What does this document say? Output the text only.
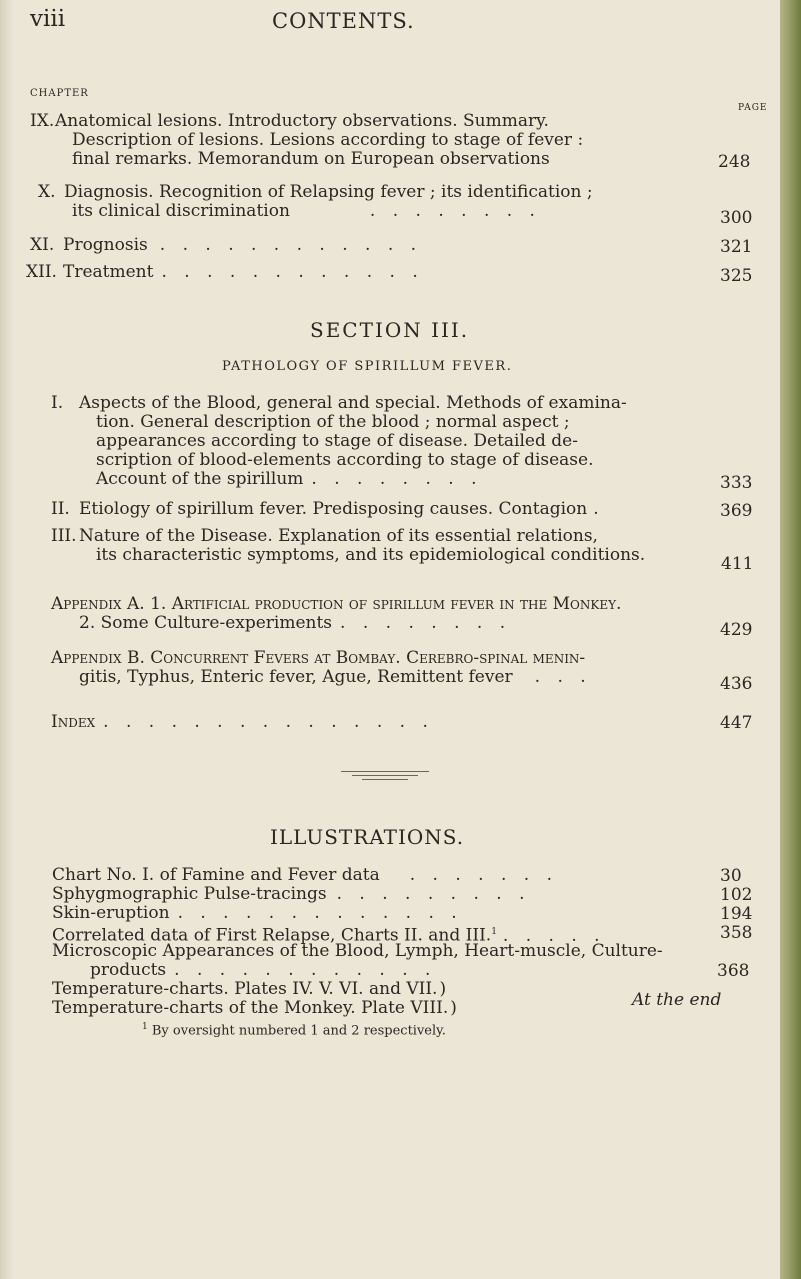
viii	CONTENTS.
CHAPTER
PAGE
IX. Anatomical lesions. Introductory observations. Summary.
Description of lesions. Lesions according to stage of fever :
final remarks. Memorandum on European observations	248
X. Diagnosis. Recognition of Relapsing fever ; its identification ;
its clinical discrimination	. . . . . . . .	300
XI. Prognosis . . . . . . . . . . . .	321
XII. Treatment . . . . . . . . . . . .	325
SECTION III.
PATHOLOGY OF SPIRILLUM FEVER.
I. Aspects of the Blood, general and special. Methods of examina-
tion. General description of the blood ; normal aspect ;
appearances according to stage of disease. Detailed de-
scription of blood-elements according to stage of disease.
Account of the spirillum . . . . . . . .	333
II. Etiology of spirillum fever. Predisposing causes. Contagion .	369
III. Nature of the Disease. Explanation of its essential relations,
its characteristic symptoms, and its epidemiological conditions.	411
Appendix A. 1. Artificial production of spirillum fever in the Monkey.
2. Some Culture-experiments . . . . . . . .	429
Appendix B. Concurrent Fevers at Bombay. Cerebro-spinal menin-
gitis, Typhus, Enteric fever, Ague, Remittent fever . . .	436
Index . . . . . . . . . . . . . . .	447
ILLUSTRATIONS.
Chart No. I. of Famine and Fever data . . . . . . .	30
Sphygmographic Pulse-tracings . . . . . . . . .	102
Skin-eruption . . . . . . . . . . . . .	194
Correlated data of First Relapse, Charts II. and III.$^1$ . . . . .	358
Microscopic Appearances of the Blood, Lymph, Heart-muscle, Culture-
products . . . . . . . . . . . .	368
Temperature-charts. Plates IV. V. VI. and VII. )
Temperature-charts of the Monkey. Plate VIII. )	At the end
$^1$ By oversight numbered 1 and 2 respectively.
